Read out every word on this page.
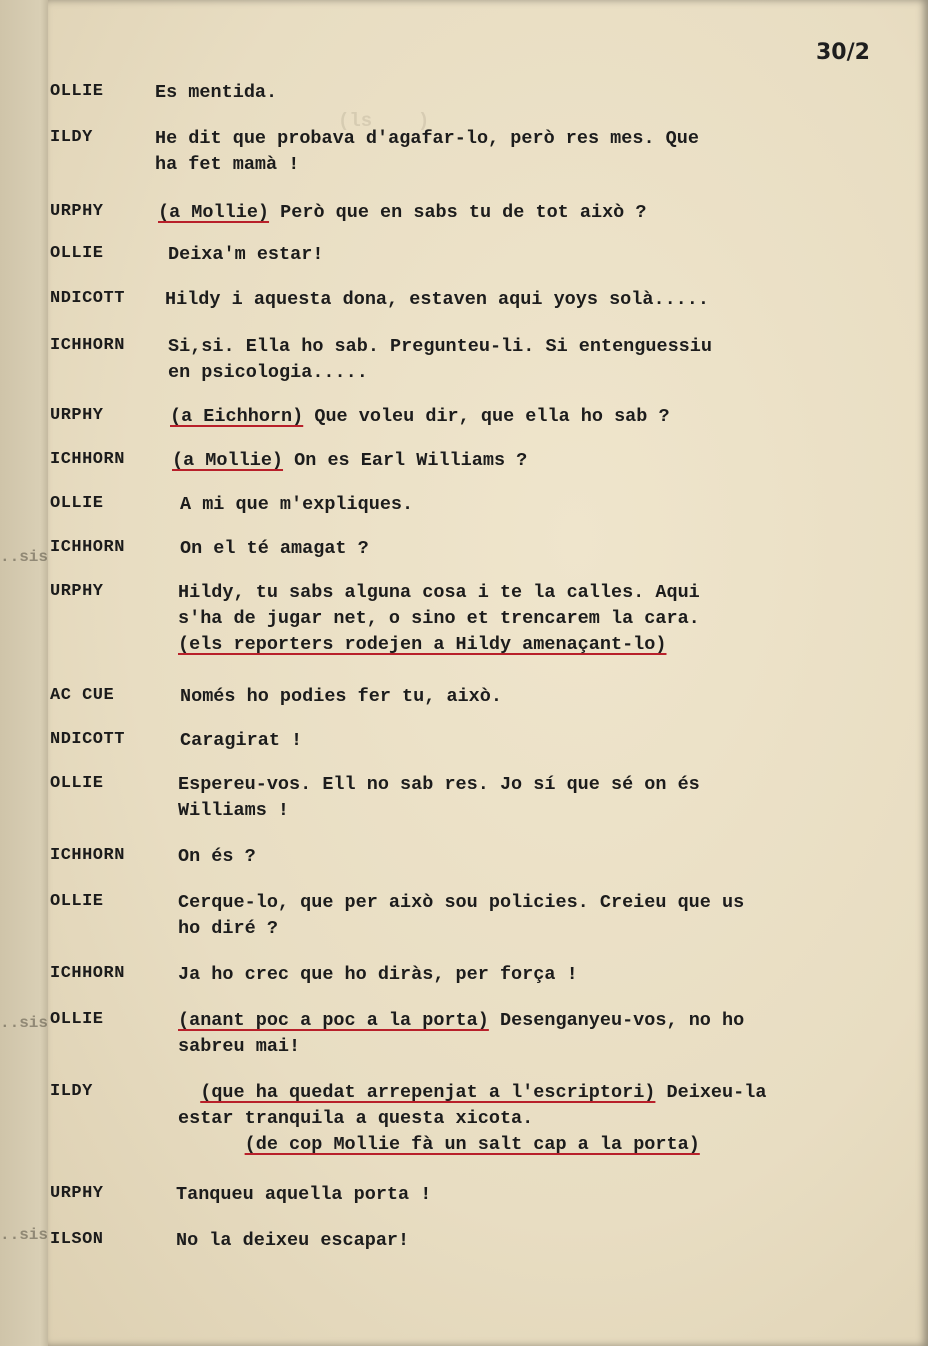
(ls    )
30/2
OLLIE	Es mentida.
ILDY	He dit que probava d'agafar-lo, però res mes. Que
ha fet mamà !
URPHY	(a Mollie) Però que en sabs tu de tot això ?
OLLIE	Deixa'm estar!
NDICOTT Hildy i aquesta dona, estaven aqui yoys solà.....
ICHHORN Si,si. Ella ho sab. Pregunteu-li. Si entenguessiu
en psicologia.....
URPHY	(a Eichhorn) Que voleu dir, que ella ho sab ?
ICHHORN	(a Mollie) On es Earl Williams ?
OLLIE	A mi que m'expliques.
ICHHORN	On el té amagat ?
URPHY	Hildy, tu sabs alguna cosa i te la calles. Aqui
s'ha de jugar net, o sino et trencarem la cara.
(els reporters rodejen a Hildy amenaçant-lo)
AC CUE	Només ho podies fer tu, això.
NDICOTT	Caragirat !
OLLIE	Espereu-vos. Ell no sab res. Jo sí que sé on és
Williams !
ICHHORN	On és ?
OLLIE	Cerque-lo, que per això sou policies. Creieu que us
ho diré ?
ICHHORN	Ja ho crec que ho diràs, per força !
OLLIE	(anant poc a poc a la porta) Desenganyeu-vos, no ho
sabreu mai!
ILDY	(que ha quedat arrepenjat a l'escriptori) Deixeu-la
estar tranquila a questa xicota.
(de cop Mollie fà un salt cap a la porta)
URPHY	Tanqueu aquella porta !
ILSON	No la deixeu escapar!
..sis
..sis
..sis
